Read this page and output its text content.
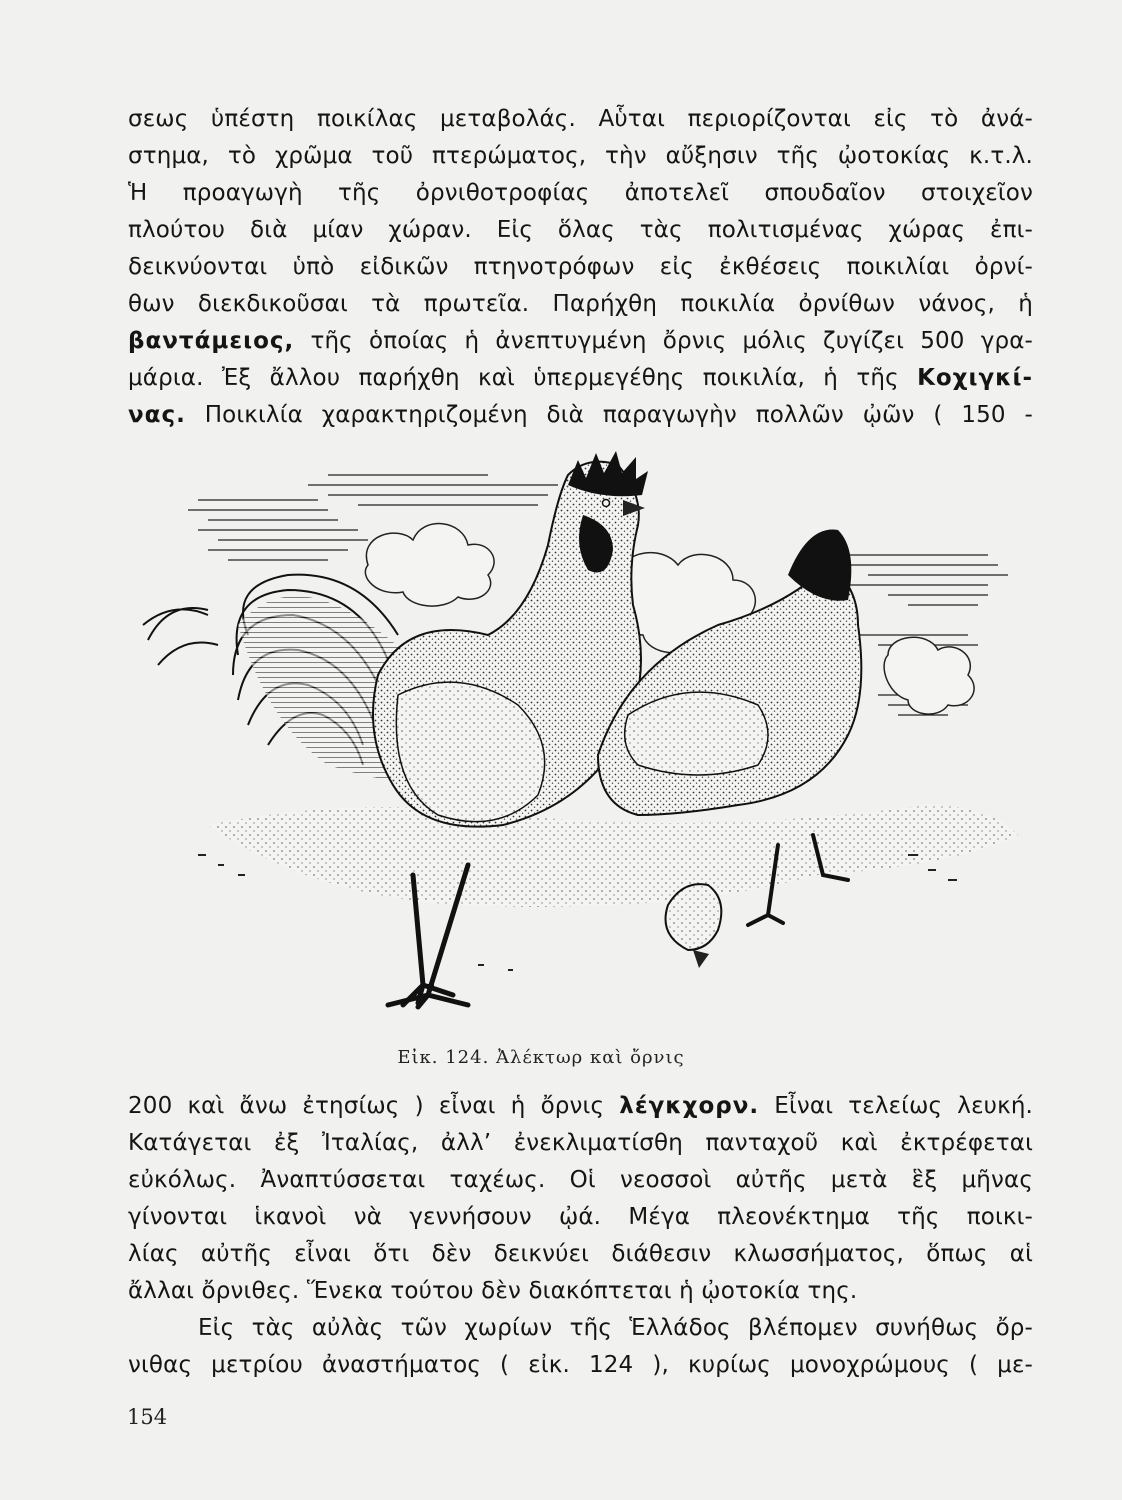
σεως ὑπέστη ποικίλας μεταβολάς. Αὗται περιορίζονται εἰς τὸ ἀνά-
στημα, τὸ χρῶμα τοῦ πτερώματος, τὴν αὔξησιν τῆς ᾠοτοκίας κ.τ.λ.
Ἡ προαγωγὴ τῆς ὀρνιθοτροφίας ἀποτελεῖ σπουδαῖον στοιχεῖον
πλούτου διὰ μίαν χώραν. Εἰς ὅλας τὰς πολιτισμένας χώρας ἐπι-
δεικνύονται ὑπὸ εἰδικῶν πτηνοτρόφων εἰς ἐκθέσεις ποικιλίαι ὀρνί-
θων διεκδικοῦσαι τὰ πρωτεῖα. Παρήχθη ποικιλία ὀρνίθων νάνος, ἡ
βαντάμειος, τῆς ὁποίας ἡ ἀνεπτυγμένη ὄρνις μόλις ζυγίζει 500 γρα-
μάρια. Ἐξ ἄλλου παρήχθη καὶ ὑπερμεγέθης ποικιλία, ἡ τῆς Κοχιγκί-
νας. Ποικιλία χαρακτηριζομένη διὰ παραγωγὴν πολλῶν ᾠῶν ( 150 -
Εἰκ. 124. Ἀλέκτωρ καὶ ὄρνις
200 καὶ ἄνω ἐτησίως ) εἶναι ἡ ὄρνις λέγκχορν. Εἶναι τελείως λευκή.
Κατάγεται ἐξ Ἰταλίας, ἀλλ’ ἐνεκλιματίσθη πανταχοῦ καὶ ἐκτρέφεται
εὐκόλως. Ἀναπτύσσεται ταχέως. Οἱ νεοσσοὶ αὐτῆς μετὰ ἓξ μῆνας
γίνονται ἱκανοὶ νὰ γεννήσουν ᾠά. Μέγα πλεονέκτημα τῆς ποικι-
λίας αὐτῆς εἶναι ὅτι δὲν δεικνύει διάθεσιν κλωσσήματος, ὅπως αἱ
ἄλλαι ὄρνιθες. Ἕνεκα τούτου δὲν διακόπτεται ἡ ᾠοτοκία της.
Εἰς τὰς αὐλὰς τῶν χωρίων τῆς Ἑλλάδος βλέπομεν συνήθως ὄρ-
νιθας μετρίου ἀναστήματος ( εἰκ. 124 ), κυρίως μονοχρώμους ( με-
154
